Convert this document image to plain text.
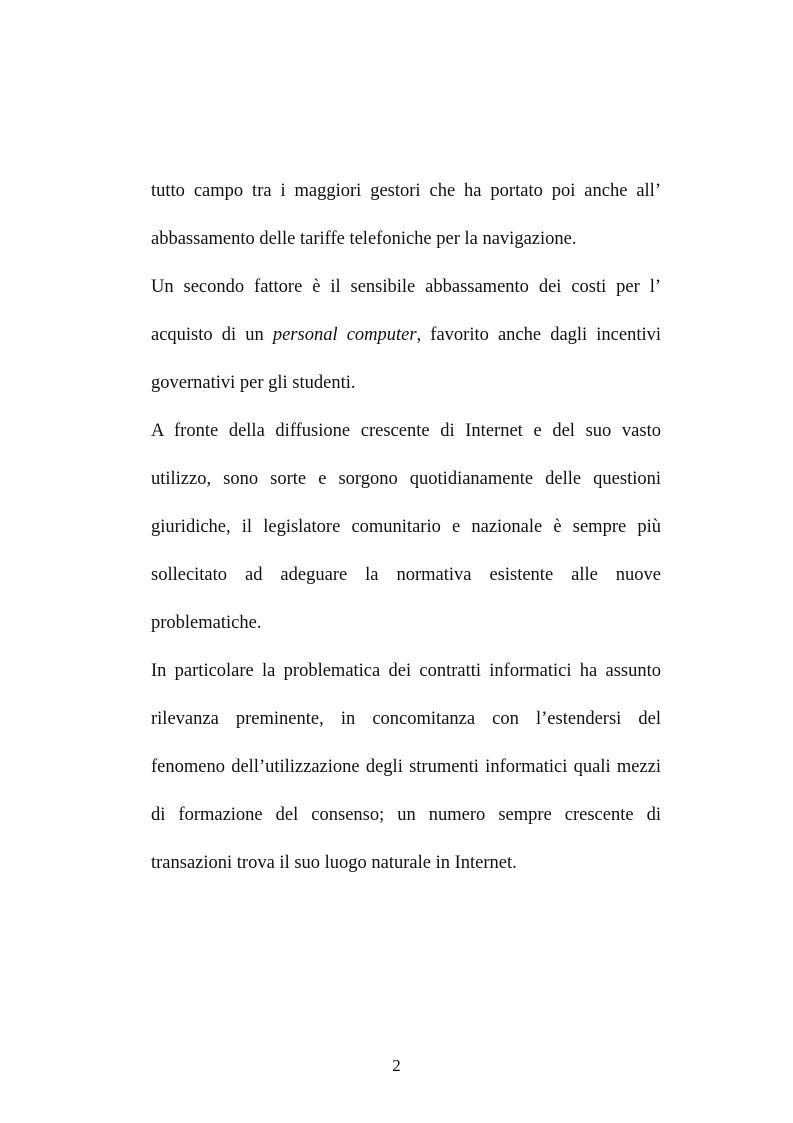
tutto campo tra i maggiori gestori che ha portato poi anche all’
abbassamento delle tariffe telefoniche per la navigazione.
Un secondo fattore è il sensibile abbassamento dei costi per l’
acquisto di un personal computer, favorito anche dagli incentivi
governativi per gli studenti.
A fronte della diffusione crescente di Internet e del suo vasto
utilizzo, sono sorte e sorgono quotidianamente delle questioni
giuridiche, il legislatore comunitario e nazionale è sempre più
sollecitato ad adeguare la normativa esistente alle nuove
problematiche.
In particolare la problematica dei contratti informatici ha assunto
rilevanza preminente, in concomitanza con l’estendersi del
fenomeno dell’utilizzazione degli strumenti informatici quali mezzi
di formazione del consenso; un numero sempre crescente di
transazioni trova il suo luogo naturale in Internet.
2
